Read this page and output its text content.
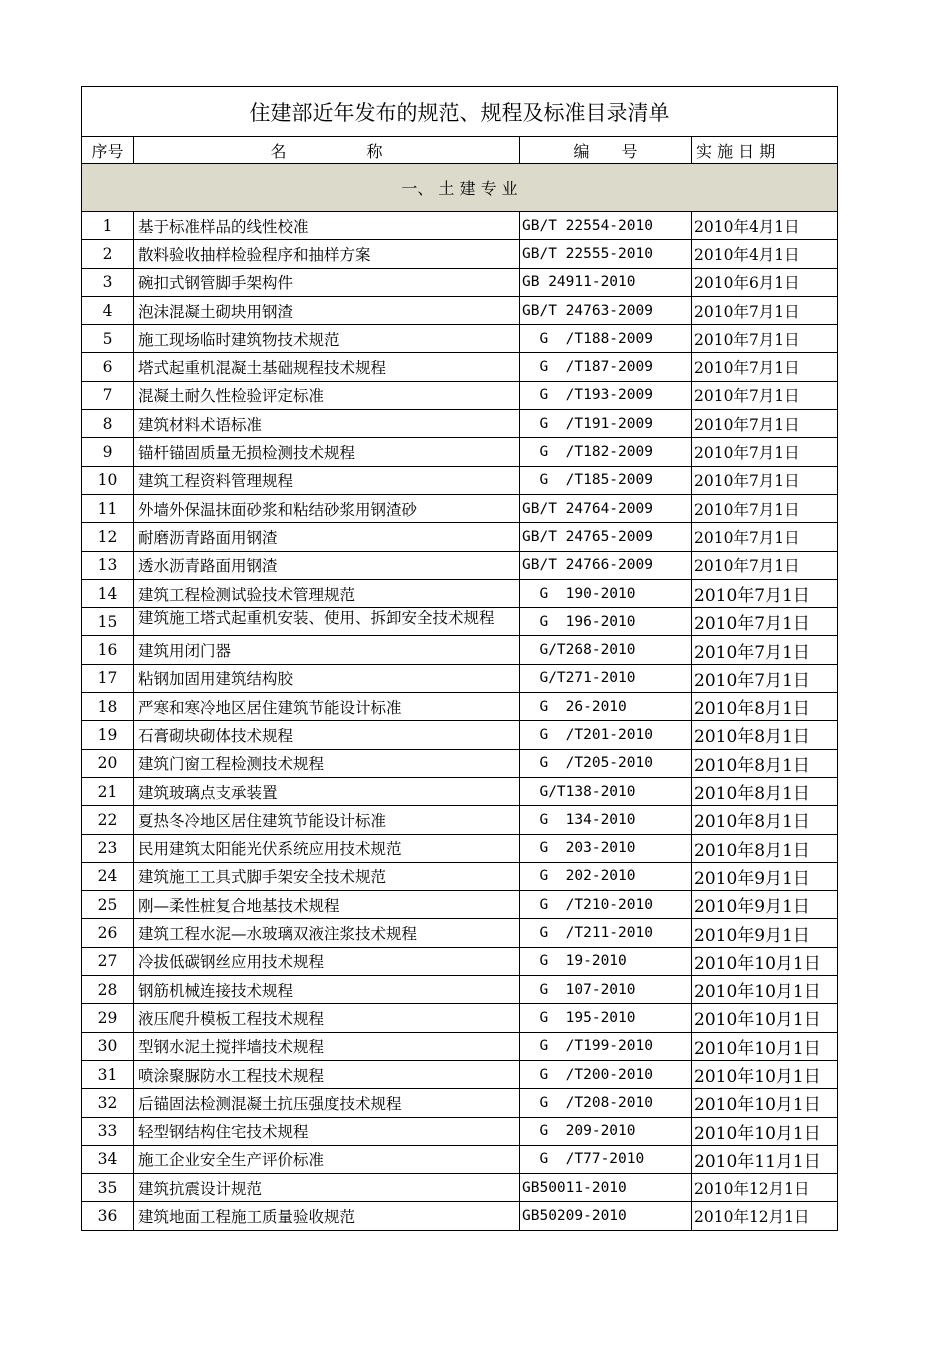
住建部近年发布的规范、规程及标准目录清单			
序号	名　　　　　称	编　　号	实 施 日 期
一、 土 建 专 业			
1	基于标准样品的线性校准	GB/T 22554-2010	2010年4月1日
2	散料验收抽样检验程序和抽样方案	GB/T 22555-2010	2010年4月1日
3	碗扣式钢管脚手架构件	GB 24911-2010	2010年6月1日
4	泡沫混凝土砌块用钢渣	GB/T 24763-2009	2010年7月1日
5	施工现场临时建筑物技术规范	G  /T188-2009	2010年7月1日
6	塔式起重机混凝土基础规程技术规程	G  /T187-2009	2010年7月1日
7	混凝土耐久性检验评定标准	G  /T193-2009	2010年7月1日
8	建筑材料术语标准	G  /T191-2009	2010年7月1日
9	锚杆锚固质量无损检测技术规程	G  /T182-2009	2010年7月1日
10	建筑工程资料管理规程	G  /T185-2009	2010年7月1日
11	外墙外保温抹面砂浆和粘结砂浆用钢渣砂	GB/T 24764-2009	2010年7月1日
12	耐磨沥青路面用钢渣	GB/T 24765-2009	2010年7月1日
13	透水沥青路面用钢渣	GB/T 24766-2009	2010年7月1日
14	建筑工程检测试验技术管理规范	G  190-2010	2010年7月1日
15	建筑施工塔式起重机安装、使用、拆卸安全技术规程	G  196-2010	2010年7月1日
16	建筑用闭门器	G/T268-2010	2010年7月1日
17	粘钢加固用建筑结构胶	G/T271-2010	2010年7月1日
18	严寒和寒冷地区居住建筑节能设计标准	G  26-2010	2010年8月1日
19	石膏砌块砌体技术规程	G  /T201-2010	2010年8月1日
20	建筑门窗工程检测技术规程	G  /T205-2010	2010年8月1日
21	建筑玻璃点支承装置	G/T138-2010	2010年8月1日
22	夏热冬冷地区居住建筑节能设计标准	G  134-2010	2010年8月1日
23	民用建筑太阳能光伏系统应用技术规范	G  203-2010	2010年8月1日
24	建筑施工工具式脚手架安全技术规范	G  202-2010	2010年9月1日
25	刚—柔性桩复合地基技术规程	G  /T210-2010	2010年9月1日
26	建筑工程水泥—水玻璃双液注浆技术规程	G  /T211-2010	2010年9月1日
27	冷拔低碳钢丝应用技术规程	G  19-2010	2010年10月1日
28	钢筋机械连接技术规程	G  107-2010	2010年10月1日
29	液压爬升模板工程技术规程	G  195-2010	2010年10月1日
30	型钢水泥土搅拌墙技术规程	G  /T199-2010	2010年10月1日
31	喷涂聚脲防水工程技术规程	G  /T200-2010	2010年10月1日
32	后锚固法检测混凝土抗压强度技术规程	G  /T208-2010	2010年10月1日
33	轻型钢结构住宅技术规程	G  209-2010	2010年10月1日
34	施工企业安全生产评价标准	G  /T77-2010	2010年11月1日
35	建筑抗震设计规范	GB50011-2010	2010年12月1日
36	建筑地面工程施工质量验收规范	GB50209-2010	2010年12月1日
